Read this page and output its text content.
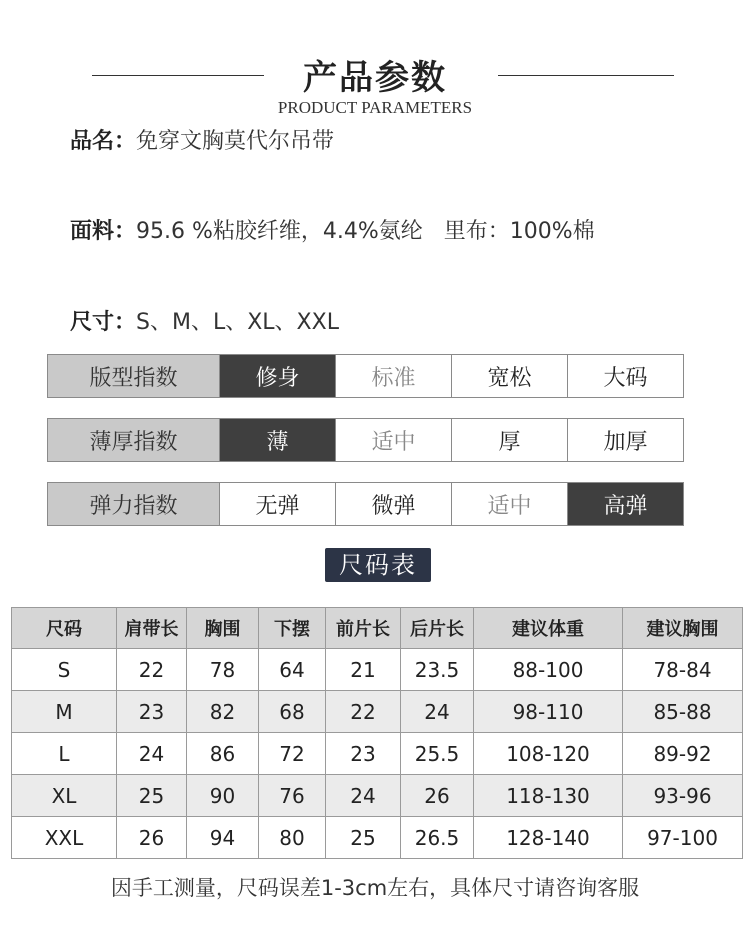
产品参数
PRODUCT PARAMETERS
品名：免穿文胸莫代尔吊带
面料：95.6 %粘胶纤维，4.4%氨纶   里布：100%棉
尺寸：S、M、L、XL、XXL
版型指数	修身	标准	宽松	大码
薄厚指数	薄	适中	厚	加厚
弹力指数	无弹	微弹	适中	高弹
尺码表
尺码	肩带长	胸围	下摆	前片长	后片长	建议体重	建议胸围
S	22	78	64	21	23.5	88-100	78-84
M	23	82	68	22	24	98-110	85-88
L	24	86	72	23	25.5	108-120	89-92
XL	25	90	76	24	26	118-130	93-96
XXL	26	94	80	25	26.5	128-140	97-100
因手工测量，尺码误差1-3cm左右，具体尺寸请咨询客服
